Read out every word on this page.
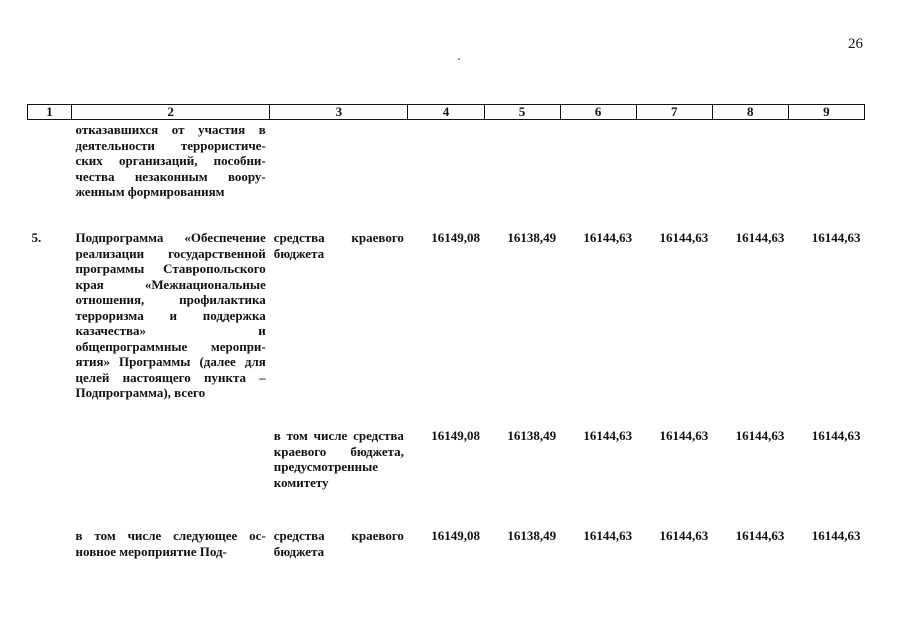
26
1	2	3	4	5	6	7	8	9
	отказавшихся от участия в деятельности террористических организаций, пособничества незаконным вооруженным формированиям							
5.	Подпрограмма «Обеспечение реализации государственной программы Ставропольского края «Межнациональные отношения, профилактика терроризма и поддержка казачества» и общепрограммные мероприятия» Программы (далее для целей настоящего пункта – Подпрограмма), всего	средства краевого бюджета	16149,08	16138,49	16144,63	16144,63	16144,63	16144,63
		в том числе средства краевого бюджета, предусмотренные комитету	16149,08	16138,49	16144,63	16144,63	16144,63	16144,63
	в том числе следующее основное мероприятие Под-	средства краевого бюджета	16149,08	16138,49	16144,63	16144,63	16144,63	16144,63
